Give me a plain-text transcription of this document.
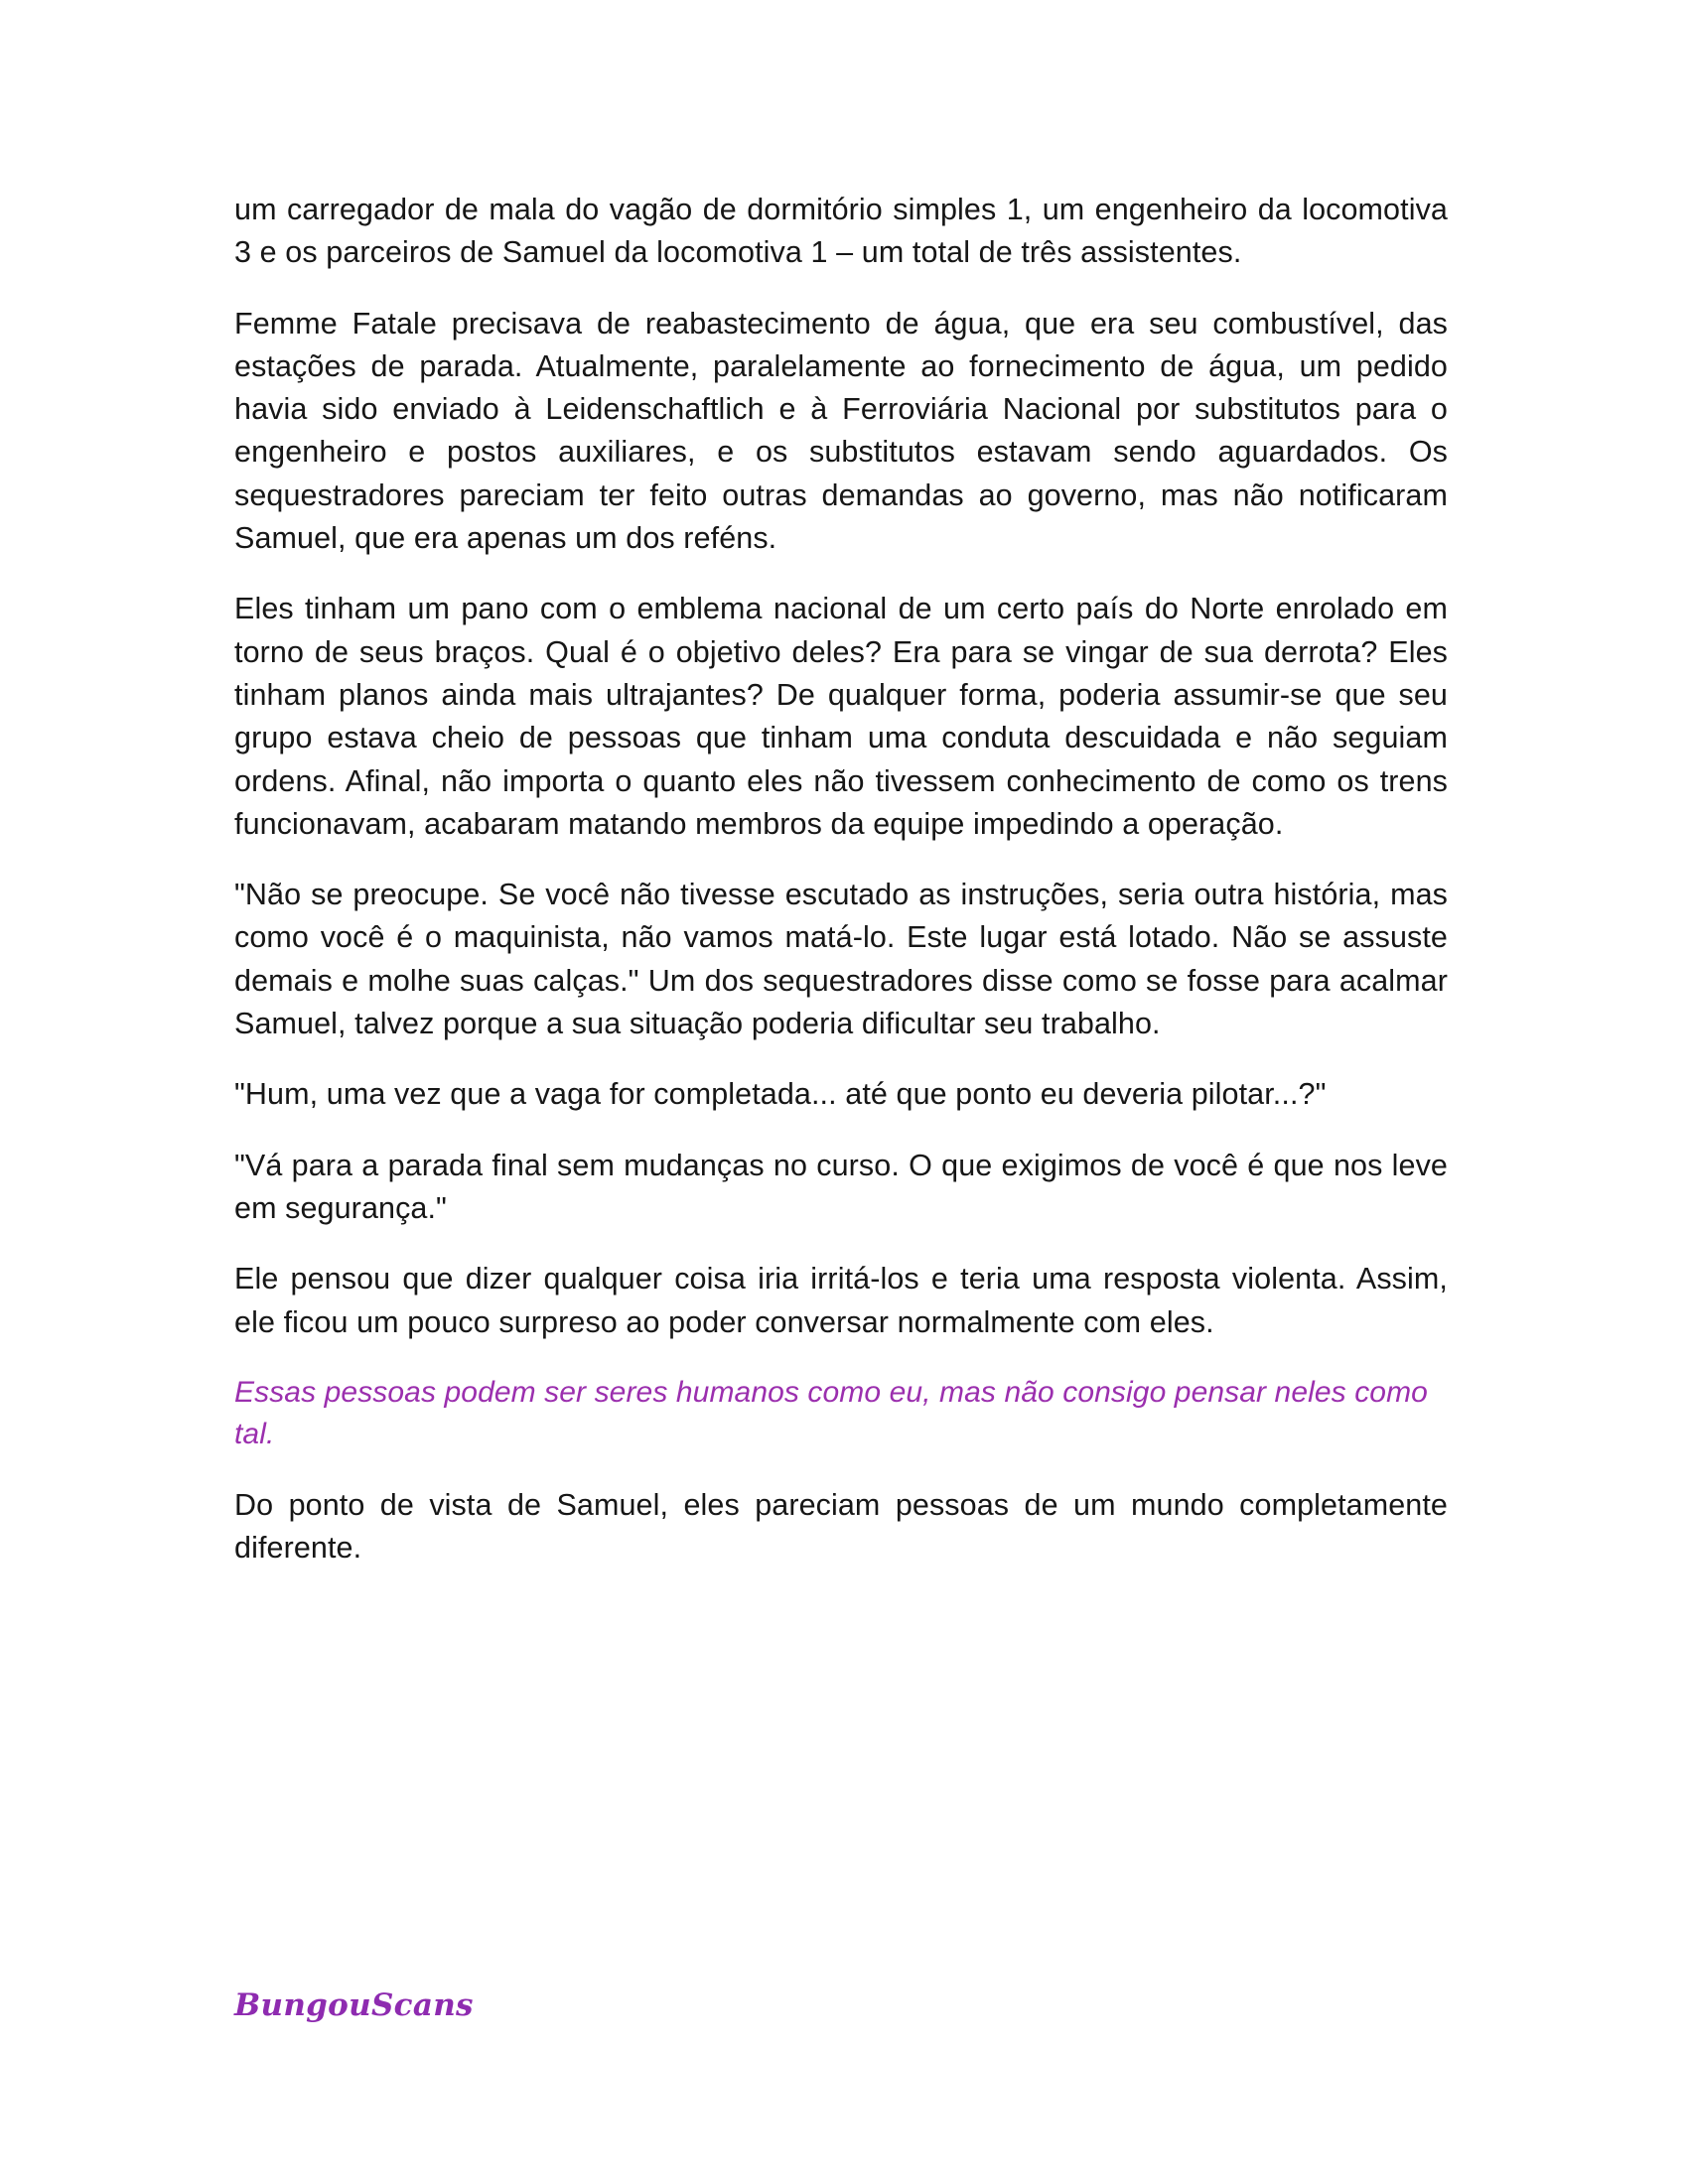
um carregador de mala do vagão de dormitório simples 1, um engenheiro da locomotiva 3 e os parceiros de Samuel da locomotiva 1 – um total de três assistentes.

Femme Fatale precisava de reabastecimento de água, que era seu combustível, das estações de parada. Atualmente, paralelamente ao fornecimento de água, um pedido havia sido enviado à Leidenschaftlich e à Ferroviária Nacional por substitutos para o engenheiro e postos auxiliares, e os substitutos estavam sendo aguardados. Os sequestradores pareciam ter feito outras demandas ao governo, mas não notificaram Samuel, que era apenas um dos reféns.

Eles tinham um pano com o emblema nacional de um certo país do Norte enrolado em torno de seus braços. Qual é o objetivo deles? Era para se vingar de sua derrota? Eles tinham planos ainda mais ultrajantes? De qualquer forma, poderia assumir-se que seu grupo estava cheio de pessoas que tinham uma conduta descuidada e não seguiam ordens. Afinal, não importa o quanto eles não tivessem conhecimento de como os trens funcionavam, acabaram matando membros da equipe impedindo a operação.

"Não se preocupe. Se você não tivesse escutado as instruções, seria outra história, mas como você é o maquinista, não vamos matá-lo. Este lugar está lotado. Não se assuste demais e molhe suas calças." Um dos sequestradores disse como se fosse para acalmar Samuel, talvez porque a sua situação poderia dificultar seu trabalho.

"Hum, uma vez que a vaga for completada... até que ponto eu deveria pilotar...?"

"Vá para a parada final sem mudanças no curso. O que exigimos de você é que nos leve em segurança."

Ele pensou que dizer qualquer coisa iria irritá-los e teria uma resposta violenta. Assim, ele ficou um pouco surpreso ao poder conversar normalmente com eles.

Essas pessoas podem ser seres humanos como eu, mas não consigo pensar neles como tal.

Do ponto de vista de Samuel, eles pareciam pessoas de um mundo completamente diferente.

BungouScans
